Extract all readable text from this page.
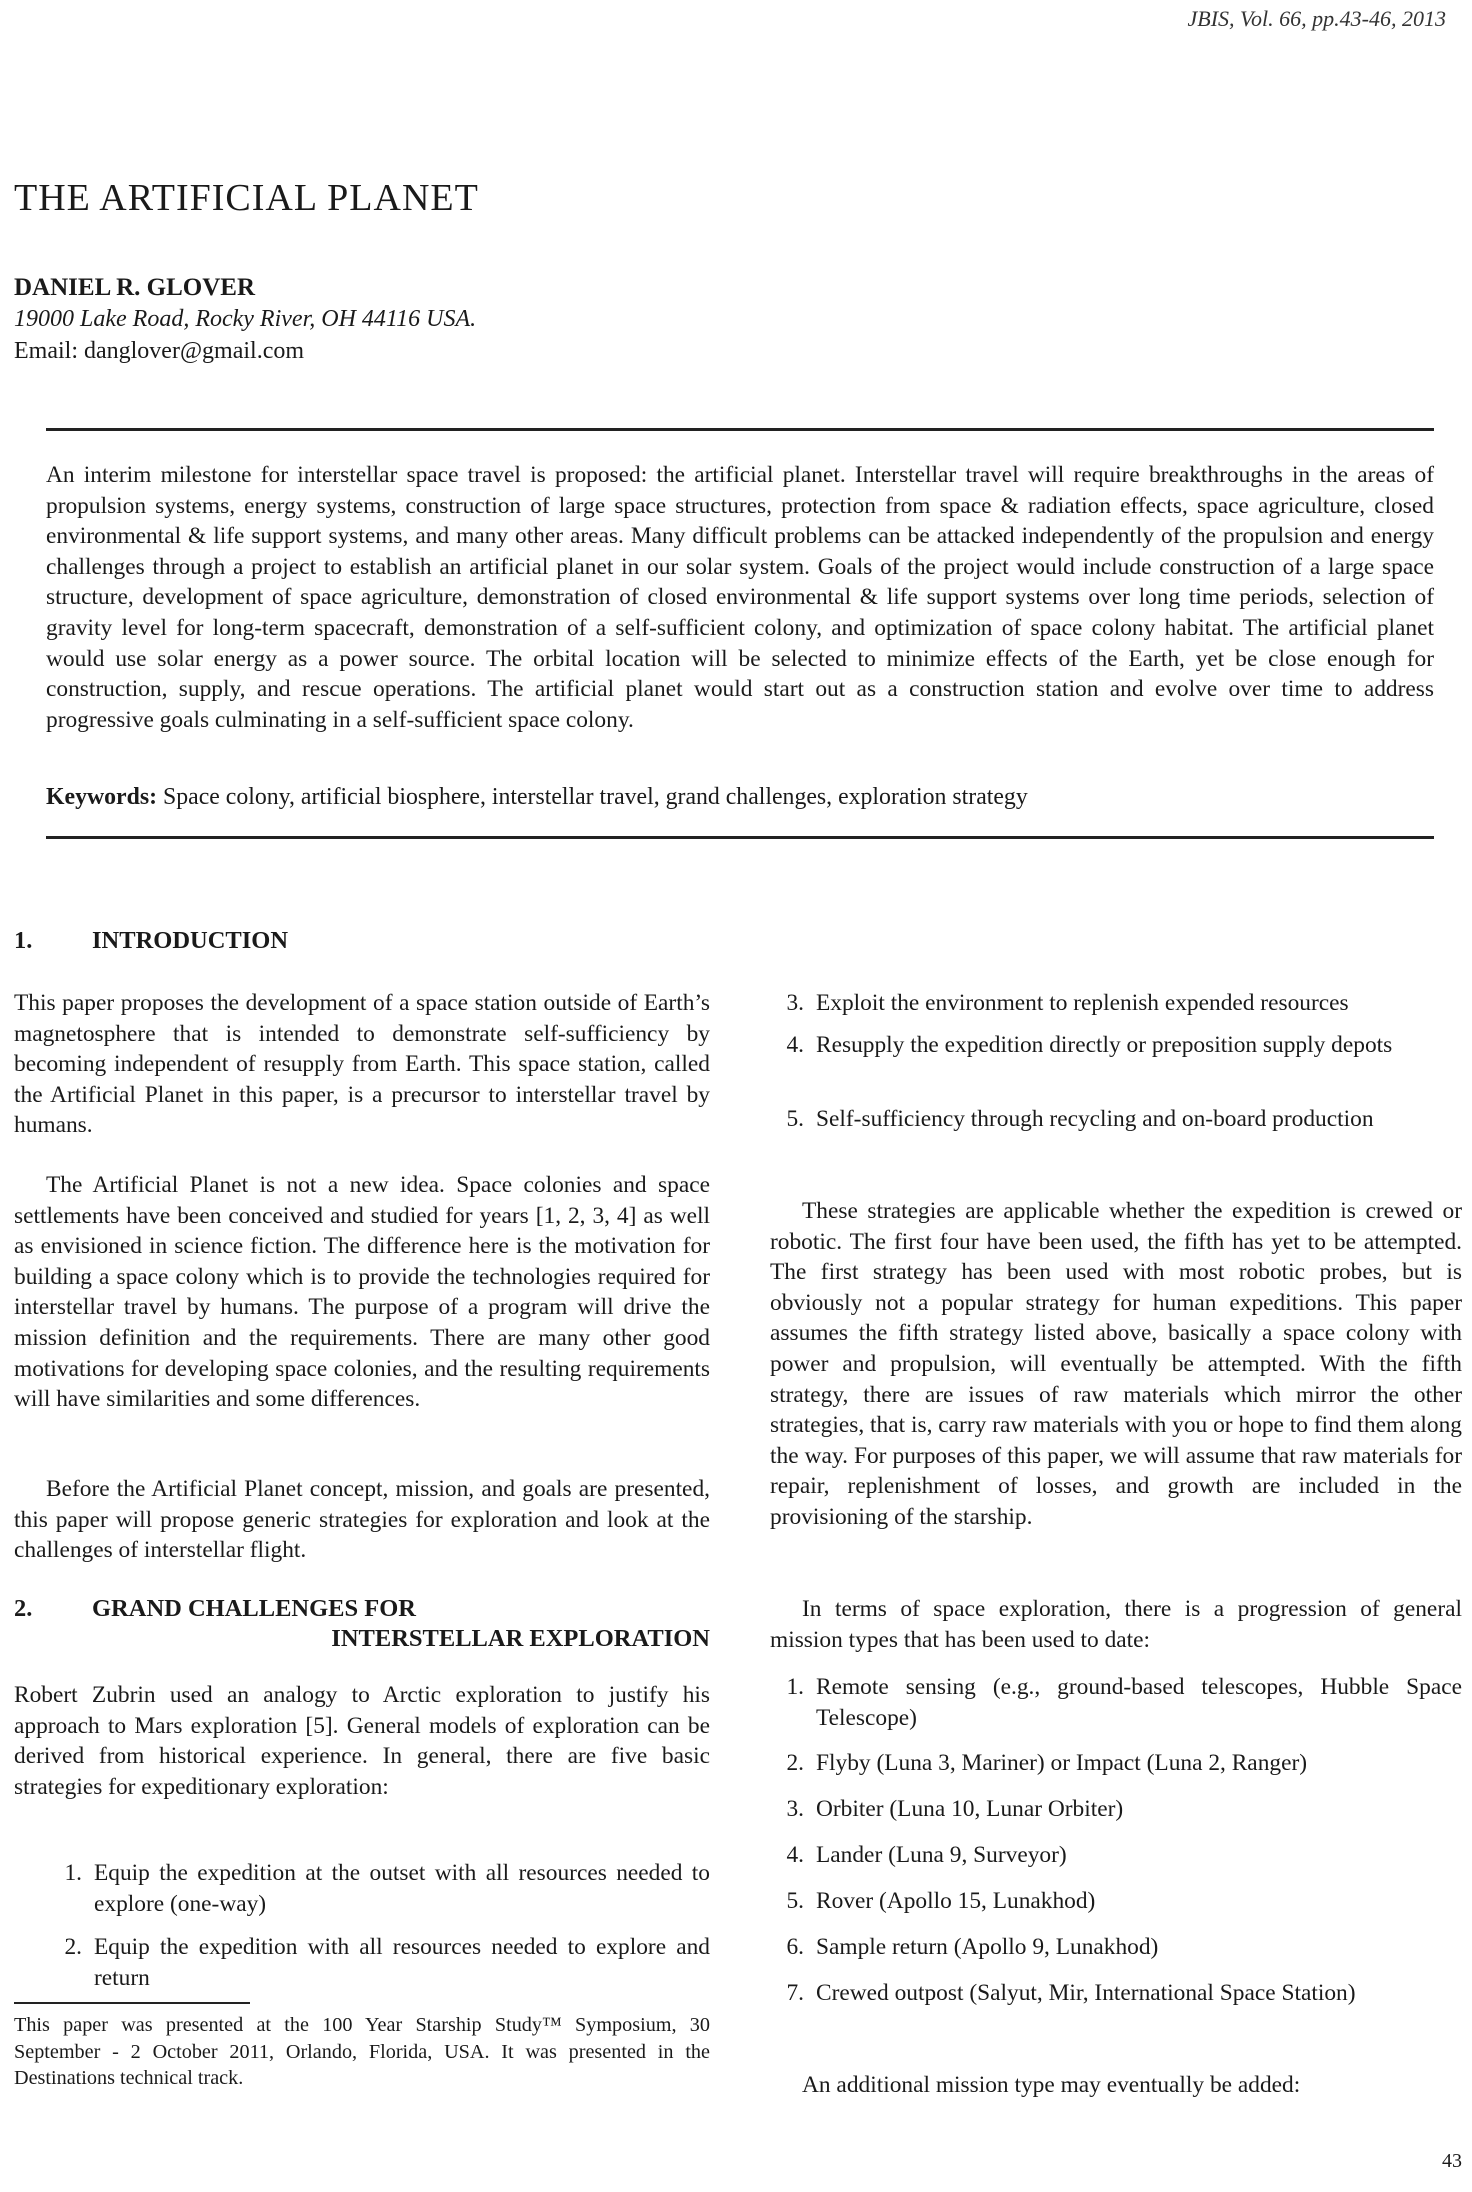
JBIS, Vol. 66, pp.43-46, 2013
THE ARTIFICIAL PLANET
DANIEL R. GLOVER
19000 Lake Road, Rocky River, OH 44116 USA.
Email: danglover@gmail.com

An interim milestone for interstellar space travel is proposed: the artificial planet. Interstellar travel will require breakthroughs in the areas of propulsion systems, energy systems, construction of large space structures, protection from space & radiation effects, space agriculture, closed environmental & life support systems, and many other areas. Many difficult problems can be attacked independently of the propulsion and energy challenges through a project to establish an artificial planet in our solar system. Goals of the project would include construction of a large space structure, development of space agriculture, demonstration of closed environmental & life support systems over long time periods, selection of gravity level for long-term spacecraft, demonstration of a self-sufficient colony, and optimization of space colony habitat. The artificial planet would use solar energy as a power source. The orbital location will be selected to minimize effects of the Earth, yet be close enough for construction, supply, and rescue operations. The artificial planet would start out as a construction station and evolve over time to address progressive goals culminating in a self-sufficient space colony.

Keywords: Space colony, artificial biosphere, interstellar travel, grand challenges, exploration strategy
1. INTRODUCTION

This paper proposes the development of a space station outside of Earth’s magnetosphere that is intended to demonstrate self-sufficiency by becoming independent of resupply from Earth. This space station, called the Artificial Planet in this paper, is a precursor to interstellar travel by humans.

The Artificial Planet is not a new idea. Space colonies and space settlements have been conceived and studied for years [1, 2, 3, 4] as well as envisioned in science fiction. The difference here is the motivation for building a space colony which is to provide the technologies required for interstellar travel by humans. The purpose of a program will drive the mission definition and the requirements. There are many other good motivations for developing space colonies, and the resulting requirements will have similarities and some differences.

Before the Artificial Planet concept, mission, and goals are presented, this paper will propose generic strategies for exploration and look at the challenges of interstellar flight.

2. GRAND CHALLENGES FOR
INTERSTELLAR EXPLORATION

Robert Zubrin used an analogy to Arctic exploration to justify his approach to Mars exploration [5]. General models of exploration can be derived from historical experience. In general, there are five basic strategies for expeditionary exploration:

1. Equip the expedition at the outset with all resources needed to explore (one-way)
2. Equip the expedition with all resources needed to explore and return
This paper was presented at the 100 Year Starship Study™ Symposium, 30 September - 2 October 2011, Orlando, Florida, USA. It was presented in the Destinations technical track.
3. Exploit the environment to replenish expended resources
4. Resupply the expedition directly or preposition supply depots
5. Self-sufficiency through recycling and on-board production

These strategies are applicable whether the expedition is crewed or robotic. The first four have been used, the fifth has yet to be attempted. The first strategy has been used with most robotic probes, but is obviously not a popular strategy for human expeditions. This paper assumes the fifth strategy listed above, basically a space colony with power and propulsion, will eventually be attempted. With the fifth strategy, there are issues of raw materials which mirror the other strategies, that is, carry raw materials with you or hope to find them along the way. For purposes of this paper, we will assume that raw materials for repair, replenishment of losses, and growth are included in the provisioning of the starship.

In terms of space exploration, there is a progression of general mission types that has been used to date:

1. Remote sensing (e.g., ground-based telescopes, Hubble Space Telescope)
2. Flyby (Luna 3, Mariner) or Impact (Luna 2, Ranger)
3. Orbiter (Luna 10, Lunar Orbiter)
4. Lander (Luna 9, Surveyor)
5. Rover (Apollo 15, Lunakhod)
6. Sample return (Apollo 9, Lunakhod)
7. Crewed outpost (Salyut, Mir, International Space Station)

An additional mission type may eventually be added:

43
